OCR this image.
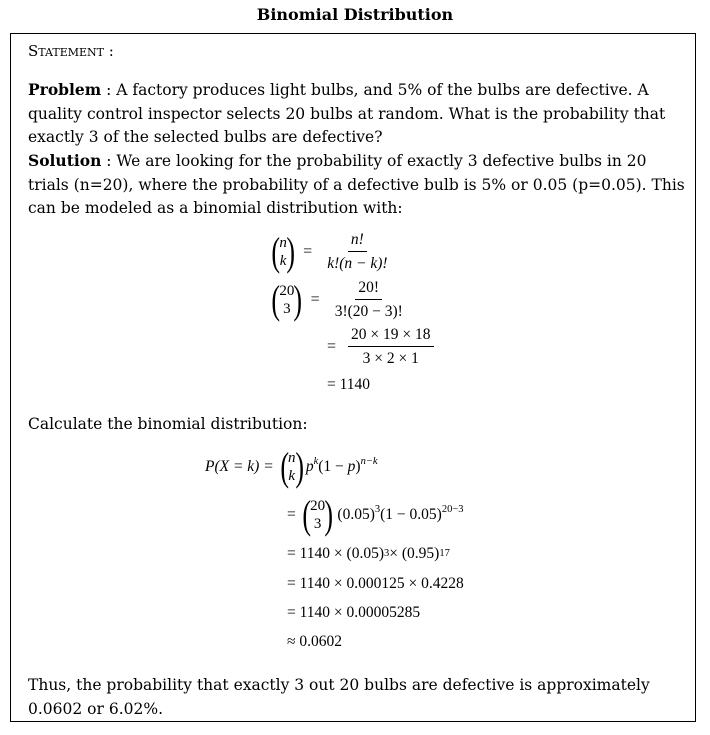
Binomial Distribution
Statement :
Problem : A factory produces light bulbs, and 5% of the bulbs are defective. A quality control inspector selects 20 bulbs at random. What is the probability that exactly 3 of the selected bulbs are defective?
Solution : We are looking for the probability of exactly 3 defective bulbs in 20 trials (n=20), where the probability of a defective bulb is 5% or 0.05 (p=0.05). This can be modeled as a binomial distribution with:
( n
k ) = $\frac{n!}{k!(n - k)!}$
( 20
3 ) = $\frac{20!}{3!(20 - 3)!}$
= $\frac{20 \times 19 \times 18}{3 \times 2 \times 1}$
= 1140
Calculate the binomial distribution:
P(X = k) = ( n
k ) $p^k(1 - p)^{n-k}$
= ( 20
3 ) $(0.05)^3(1 - 0.05)^{20-3}$
= 1140 × (0.05) 3 × (0.95) 17
= 1140 × 0.000125 × 0.4228
= 1140 × 0.00005285
≈ 0.0602
Thus, the probability that exactly 3 out 20 bulbs are defective is approximately 0.0602 or 6.02%.
